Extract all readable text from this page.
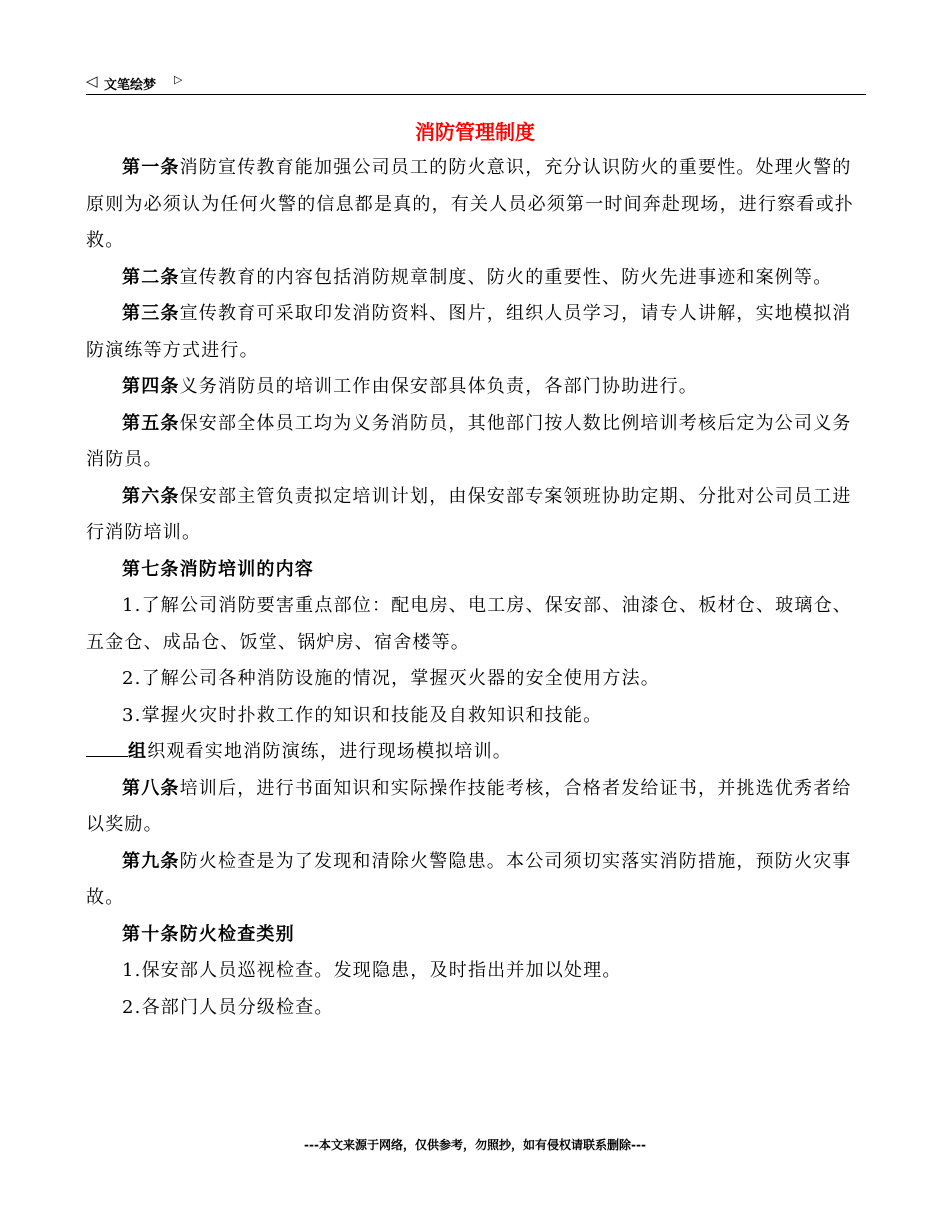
◁ 文笔绘梦 ▷
消防管理制度

第一条消防宣传教育能加强公司员工的防火意识，充分认识防火的重要性。处理火警的原则为必须认为任何火警的信息都是真的，有关人员必须第一时间奔赴现场，进行察看或扑救。

第二条宣传教育的内容包括消防规章制度、防火的重要性、防火先进事迹和案例等。

第三条宣传教育可采取印发消防资料、图片，组织人员学习，请专人讲解，实地模拟消防演练等方式进行。

第四条义务消防员的培训工作由保安部具体负责，各部门协助进行。

第五条保安部全体员工均为义务消防员，其他部门按人数比例培训考核后定为公司义务消防员。

第六条保安部主管负责拟定培训计划，由保安部专案领班协助定期、分批对公司员工进行消防培训。

第七条消防培训的内容

1.了解公司消防要害重点部位：配电房、电工房、保安部、油漆仓、板材仓、玻璃仓、五金仓、成品仓、饭堂、锅炉房、宿舍楼等。

2.了解公司各种消防设施的情况，掌握灭火器的安全使用方法。

3.掌握火灾时扑救工作的知识和技能及自救知识和技能。

组织观看实地消防演练，进行现场模拟培训。

第八条培训后，进行书面知识和实际操作技能考核，合格者发给证书，并挑选优秀者给以奖励。

第九条防火检查是为了发现和清除火警隐患。本公司须切实落实消防措施，预防火灾事故。

第十条防火检查类别

1.保安部人员巡视检查。发现隐患，及时指出并加以处理。

2.各部门人员分级检查。

---本文来源于网络，仅供参考，勿照抄，如有侵权请联系删除---
